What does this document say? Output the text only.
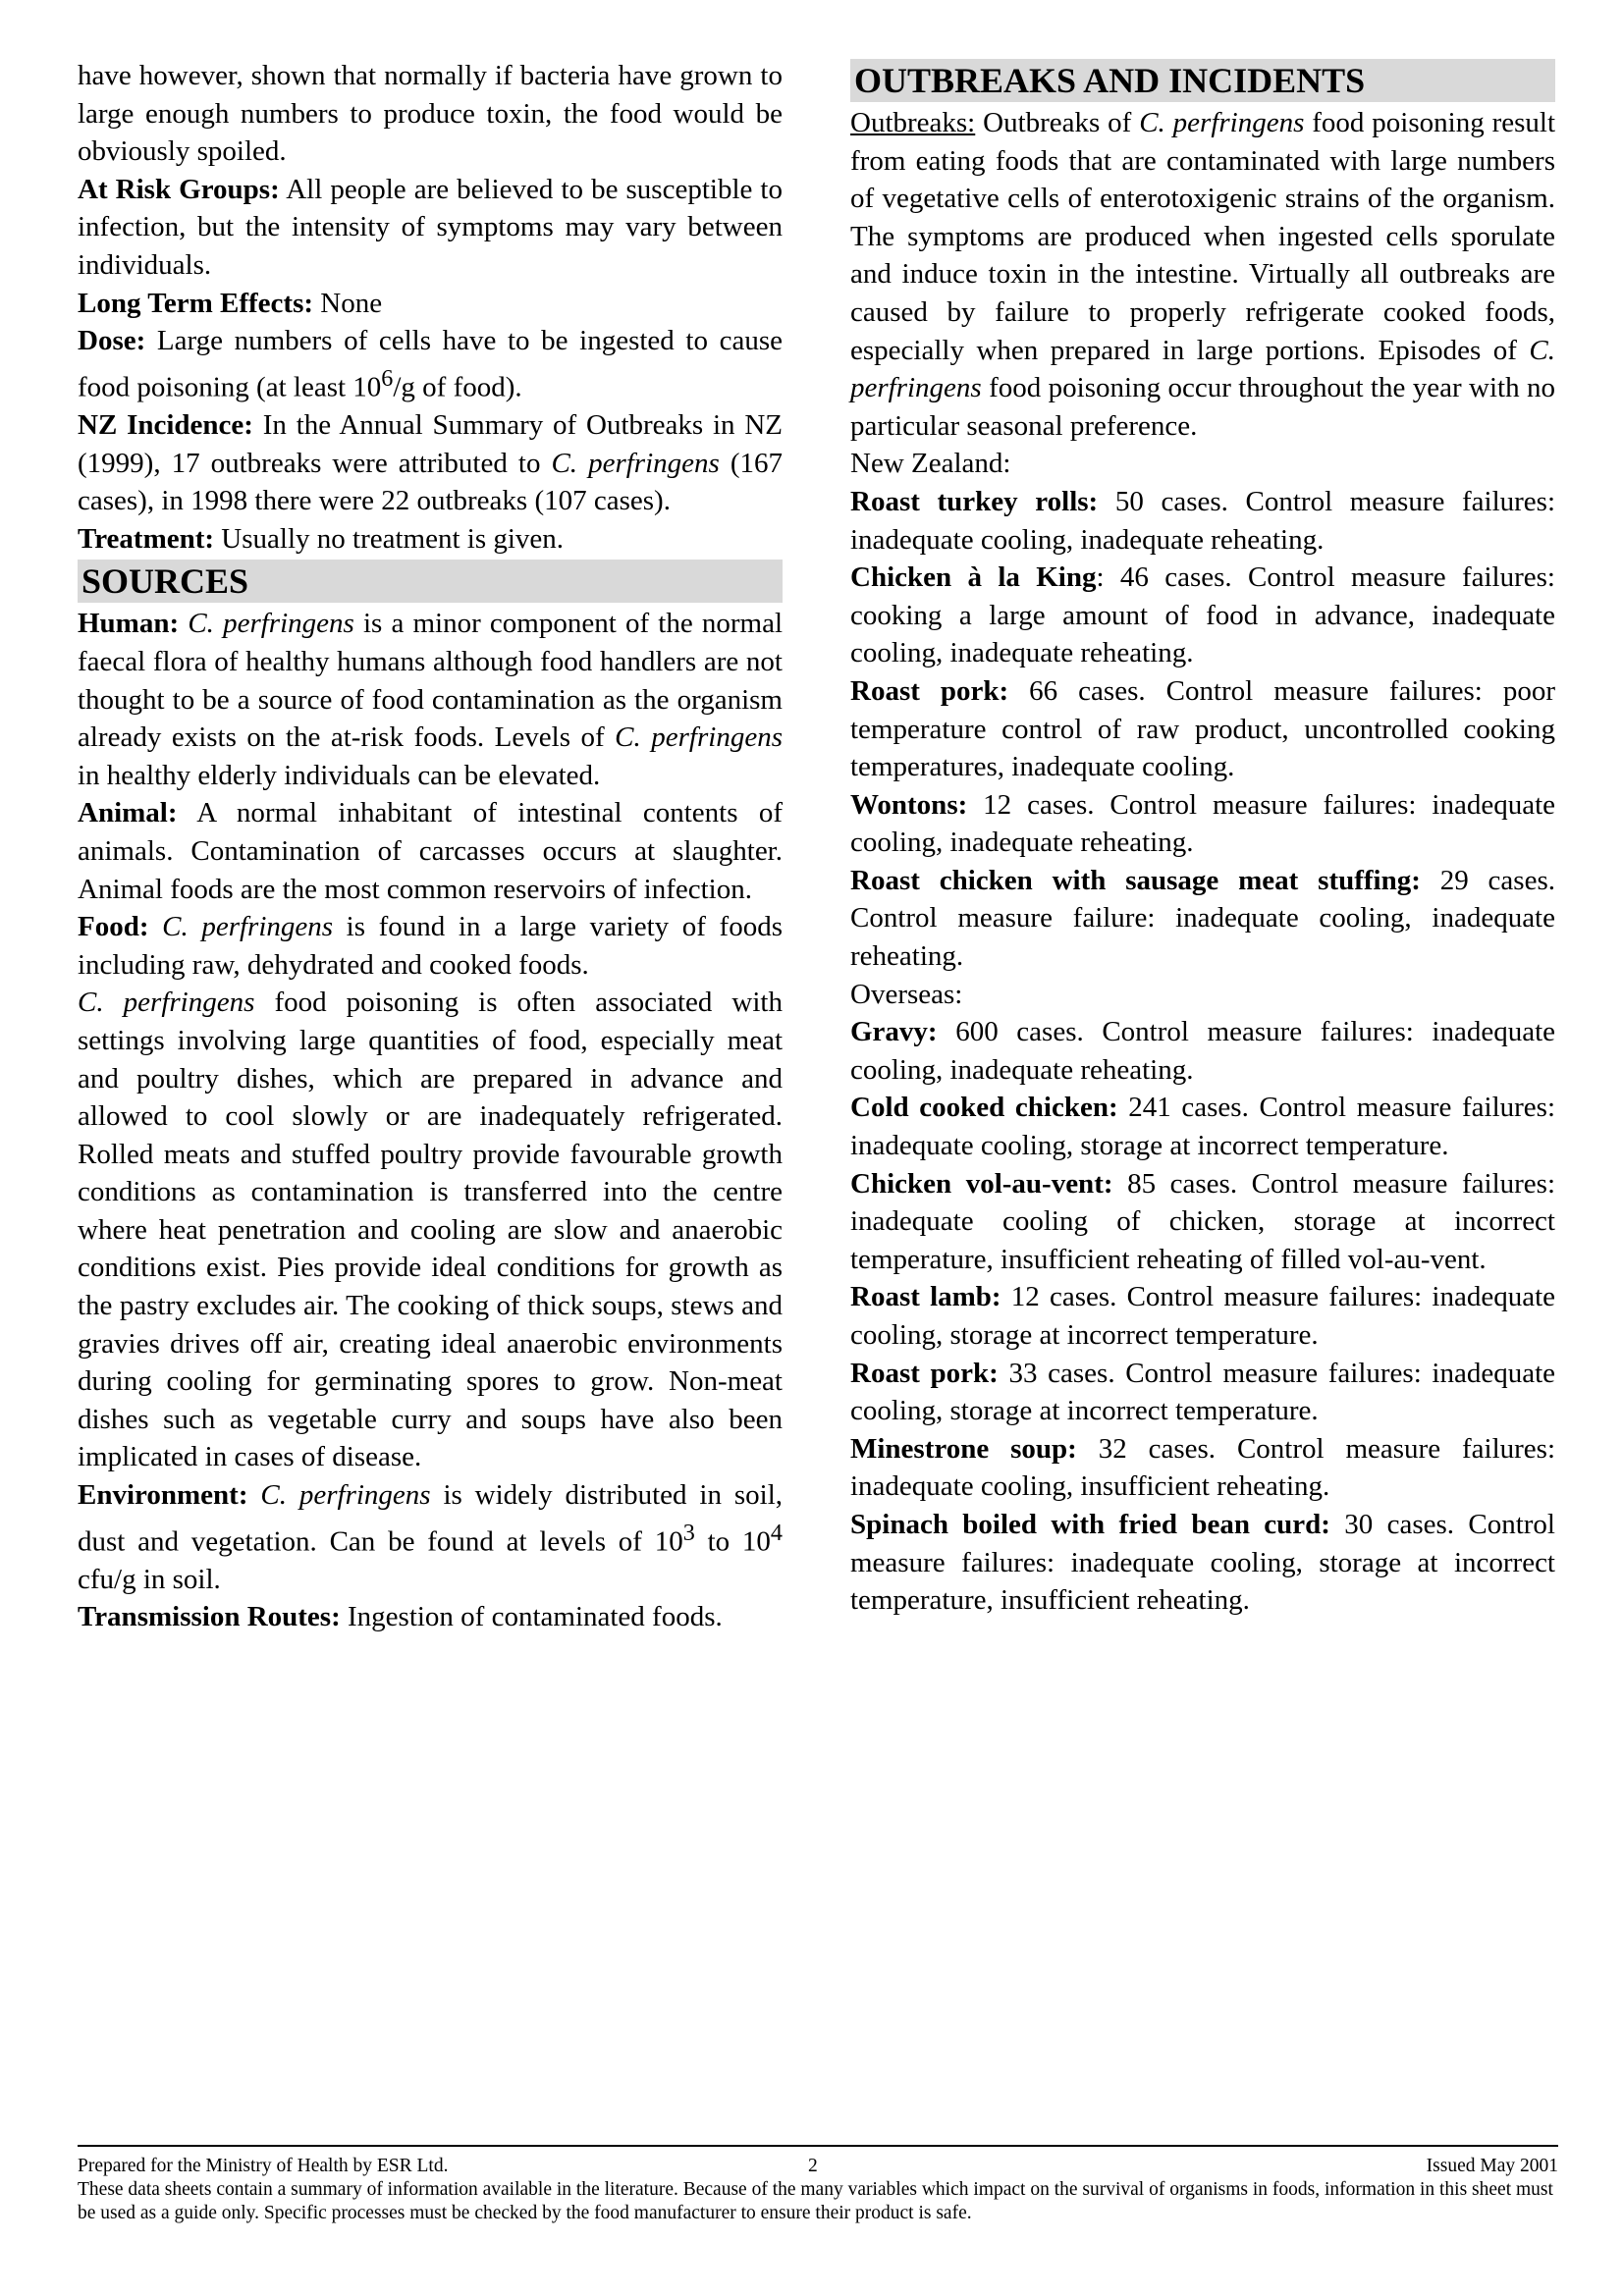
have however, shown that normally if bacteria have grown to large enough numbers to produce toxin, the food would be obviously spoiled.

At Risk Groups: All people are believed to be susceptible to infection, but the intensity of symptoms may vary between individuals.

Long Term Effects: None

Dose: Large numbers of cells have to be ingested to cause food poisoning (at least $10^6/g$ of food).

NZ Incidence: In the Annual Summary of Outbreaks in NZ (1999), 17 outbreaks were attributed to C. perfringens (167 cases), in 1998 there were 22 outbreaks (107 cases).

Treatment: Usually no treatment is given.

SOURCES

Human: C. perfringens is a minor component of the normal faecal flora of healthy humans although food handlers are not thought to be a source of food contamination as the organism already exists on the at-risk foods. Levels of C. perfringens in healthy elderly individuals can be elevated.

Animal: A normal inhabitant of intestinal contents of animals. Contamination of carcasses occurs at slaughter. Animal foods are the most common reservoirs of infection.

Food: C. perfringens is found in a large variety of foods including raw, dehydrated and cooked foods.

C. perfringens food poisoning is often associated with settings involving large quantities of food, especially meat and poultry dishes, which are prepared in advance and allowed to cool slowly or are inadequately refrigerated. Rolled meats and stuffed poultry provide favourable growth conditions as contamination is transferred into the centre where heat penetration and cooling are slow and anaerobic conditions exist. Pies provide ideal conditions for growth as the pastry excludes air. The cooking of thick soups, stews and gravies drives off air, creating ideal anaerobic environments during cooling for germinating spores to grow. Non-meat dishes such as vegetable curry and soups have also been implicated in cases of disease.

Environment: C. perfringens is widely distributed in soil, dust and vegetation. Can be found at levels of $10^3$ to $10^4$ cfu/g in soil.

Transmission Routes: Ingestion of contaminated foods.

OUTBREAKS AND INCIDENTS

Outbreaks: Outbreaks of C. perfringens food poisoning result from eating foods that are contaminated with large numbers of vegetative cells of enterotoxigenic strains of the organism. The symptoms are produced when ingested cells sporulate and induce toxin in the intestine. Virtually all outbreaks are caused by failure to properly refrigerate cooked foods, especially when prepared in large portions. Episodes of C. perfringens food poisoning occur throughout the year with no particular seasonal preference.

New Zealand:

Roast turkey rolls: 50 cases. Control measure failures: inadequate cooling, inadequate reheating.

Chicken à la King: 46 cases. Control measure failures: cooking a large amount of food in advance, inadequate cooling, inadequate reheating.

Roast pork: 66 cases. Control measure failures: poor temperature control of raw product, uncontrolled cooking temperatures, inadequate cooling.

Wontons: 12 cases. Control measure failures: inadequate cooling, inadequate reheating.

Roast chicken with sausage meat stuffing: 29 cases. Control measure failure: inadequate cooling, inadequate reheating.

Overseas:

Gravy: 600 cases. Control measure failures: inadequate cooling, inadequate reheating.

Cold cooked chicken: 241 cases. Control measure failures: inadequate cooling, storage at incorrect temperature.

Chicken vol-au-vent: 85 cases. Control measure failures: inadequate cooling of chicken, storage at incorrect temperature, insufficient reheating of filled vol-au-vent.

Roast lamb: 12 cases. Control measure failures: inadequate cooling, storage at incorrect temperature.

Roast pork: 33 cases. Control measure failures: inadequate cooling, storage at incorrect temperature.

Minestrone soup: 32 cases. Control measure failures: inadequate cooling, insufficient reheating.

Spinach boiled with fried bean curd: 30 cases. Control measure failures: inadequate cooling, storage at incorrect temperature, insufficient reheating.

Prepared for the Ministry of Health by ESR Ltd.	2	Issued May 2001

These data sheets contain a summary of information available in the literature. Because of the many variables which impact on the survival of organisms in foods, information in this sheet must be used as a guide only. Specific processes must be checked by the food manufacturer to ensure their product is safe.
